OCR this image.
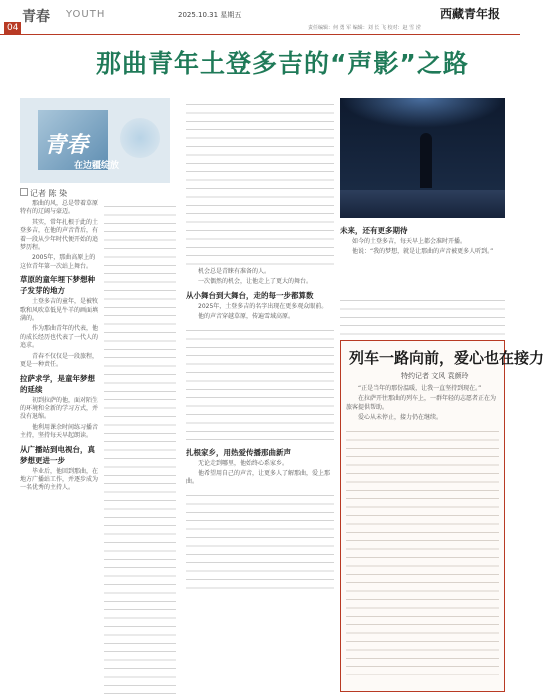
青春 YOUTH
04
2025.10.31 星期五	西藏青年报
责任编辑：何 勇 军 编辑：刘 长 飞 校对：赵 雪 滢
那曲青年土登多吉的“声影”之路
青春
在边疆绽放
记者 陈 染

那曲的风，总是带着草原特有的辽阔与豪迈。

其实，常年扎根于此的土登多吉，在他的声音背后，有着一段从少年时代便开始的追梦历程。

2005年，那曲高原上的这位青年第一次站上舞台。

草原的童年埋下梦想种子发芽的地方

土登多吉的童年，是被牧歌和风吹草低见牛羊的画面填满的。

作为那曲青年的代表，他的成长经历也代表了一代人的追求。

青春不仅仅是一段旅程，更是一种责任。

拉萨求学，是童年梦想的延续

初到拉萨的他，面对陌生的环境和全新的学习方式，并没有退缩。

他利用课余时间练习播音主持，坚持每天早起朗读。

从广播站到电视台，真梦想更进一步

毕业后，他回到那曲，在地方广播站工作，并逐步成为一名优秀的主持人。

机会总是青睐有准备的人。

一次偶然的机会，让他走上了更大的舞台。

从小舞台到大舞台，走的每一步都算数

2025年，土登多吉的名字出现在更多观众眼前。

他的声音穿越草原，传遍雪域高原。

扎根家乡，用热爱传播那曲新声

无论走到哪里，他始终心系家乡。

他希望用自己的声音，让更多人了解那曲，爱上那曲。

未来，还有更多期待

如今的土登多吉，每天早上都会准时开播。

他说：“我的梦想，就是让那曲的声音被更多人听到。”

列车一路向前，爱心也在接力
特约记者 文风 袁颜玲

“正是当年的那份温暖，让我一直坚持到现在。”

在拉萨开往那曲的列车上，一群年轻的志愿者正在为旅客提供帮助。

爱心从未停止，接力仍在继续。
